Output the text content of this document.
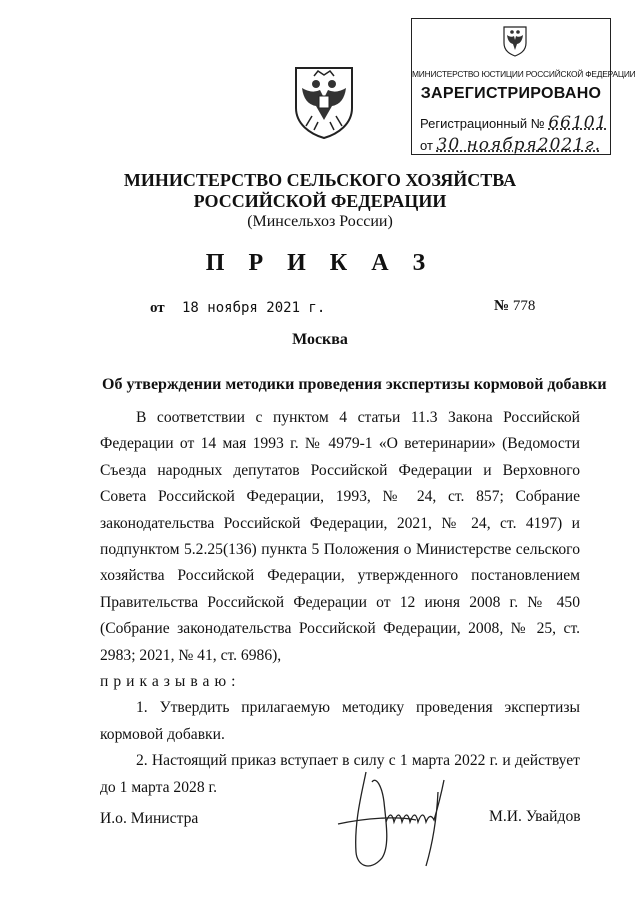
МИНИСТЕРСТВО ЮСТИЦИИ РОССИЙСКОЙ ФЕДЕРАЦИИ
ЗАРЕГИСТРИРОВАНО
Регистрационный № 66101
от 30 ноября2021г.
МИНИСТЕРСТВО СЕЛЬСКОГО ХОЗЯЙСТВА
РОССИЙСКОЙ ФЕДЕРАЦИИ
(Минсельхоз России)
П Р И К А З
от 18 ноября 2021 г.	№ 778
Москва
Об утверждении методики проведения экспертизы кормовой добавки

В соответствии с пунктом 4 статьи 11.3 Закона Российской Федерации от 14 мая 1993 г. № 4979-1 «О ветеринарии» (Ведомости Съезда народных депутатов Российской Федерации и Верховного Совета Российской Федерации, 1993, № 24, ст. 857; Собрание законодательства Российской Федерации, 2021, № 24, ст. 4197) и подпунктом 5.2.25(136) пункта 5 Положения о Министерстве сельского хозяйства Российской Федерации, утвержденного постановлением Правительства Российской Федерации от 12 июня 2008 г. № 450 (Собрание законодательства Российской Федерации, 2008, № 25, ст. 2983; 2021, № 41, ст. 6986),

приказываю:

1. Утвердить прилагаемую методику проведения экспертизы кормовой добавки.

2. Настоящий приказ вступает в силу с 1 марта 2022 г. и действует до 1 марта 2028 г.

И.о. Министра	М.И. Увайдов
